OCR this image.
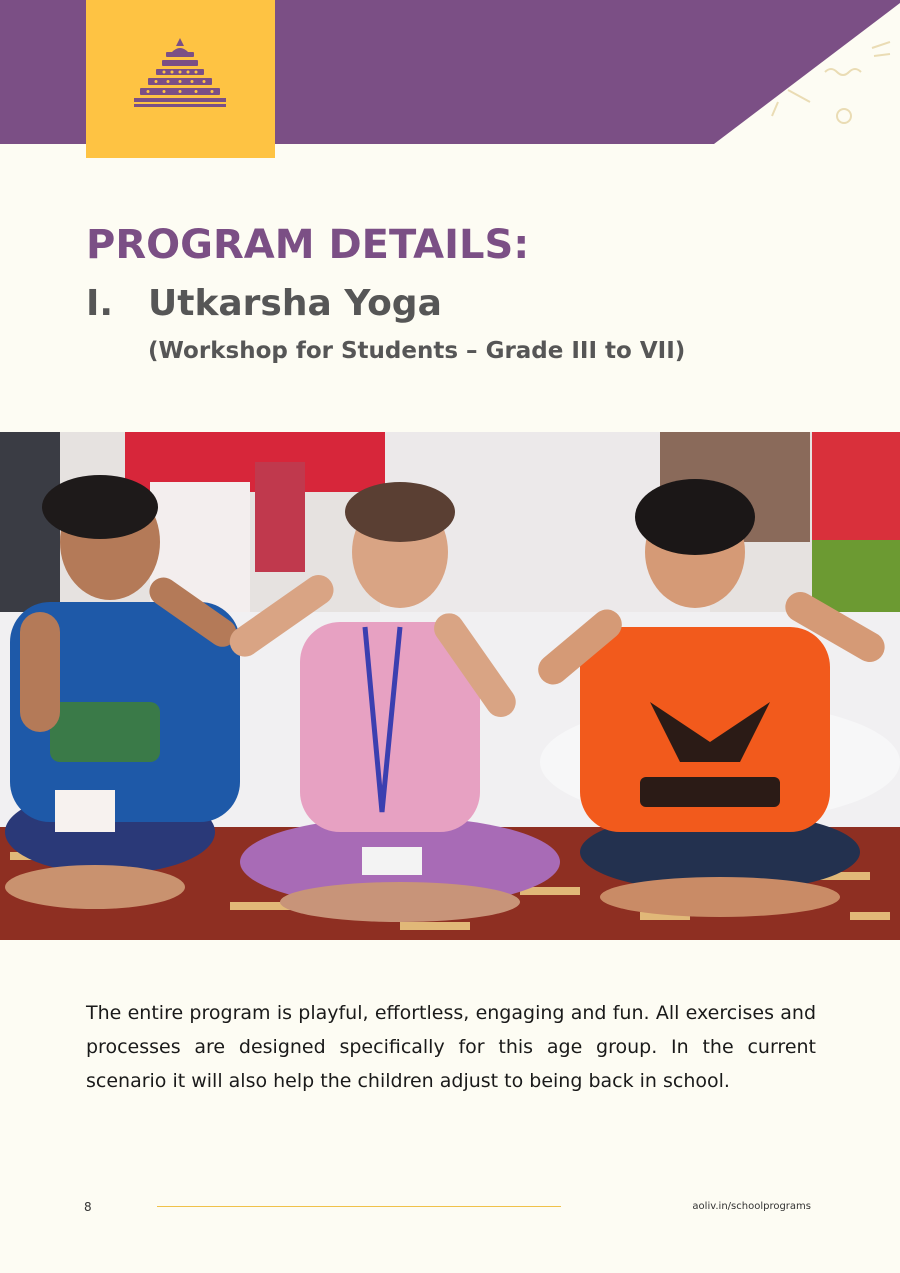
PROGRAM DETAILS:
I. Utkarsha Yoga
(Workshop for Students – Grade III to VII)

The entire program is playful, effortless, engaging and fun. All exercises and processes are designed specifically for this age group. In the current scenario it will also help the children adjust to being back in school.

8	aoliv.in/schoolprograms
